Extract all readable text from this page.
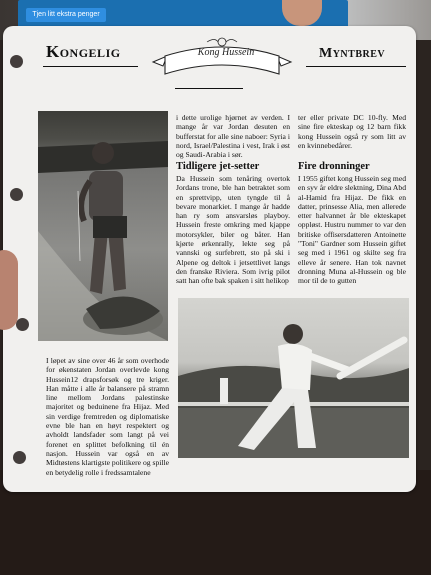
Tjen litt ekstra penger
Kongelig	Myntbrev
Kong Hussein
i dette urolige hjørnet av verden. I mange år var Jordan desuten en bufferstat for alle sine naboer: Syria i nord, Israel/Palestina i vest, Irak i øst og Saudi-Arabia i sør.
Tidligere jet-setter
Da Hussein som tenåring overtok Jordans trone, ble han betraktet som en sprettvipp, uten tyngde til å bevare monarkiet. I mange år hadde han ry som ansvarsløs playboy. Hussein freste omkring med kjappe motorsykler, biler og båter. Han kjørte ørkenrally, lekte seg på vannski og surfebrett, sto på ski i Alpene og deltok i jetsettlivet langs den franske Riviera. Som ivrig pilot satt han ofte bak spaken i sitt helikop
ter eller private DC 10-fly. Med sine fire ekteskap og 12 barn fikk kong Hussein også ry som litt av en kvinnebedårer.
Fire dronninger
I 1955 giftet kong Hussein seg med en syv år eldre slektning, Dina Abd al-Hamid fra Hijaz. De fikk en datter, prinsesse Alia, men allerede etter halvannet år ble ekteskapet oppløst. Hustru nummer to var den britiske offisersdatteren Antoinette "Toni" Gardner som Hussein giftet seg med i 1961 og skilte seg fra elleve år senere. Han tok navnet dronning Muna al-Hussein og ble mor til de to gutten
I løpet av sine over 46 år som overhode for økenstaten Jordan overlevde kong Hussein12 drapsforsøk og tre kriger. Han måtte i alle år balansere på stramn line mellom Jordans palestinske majoritet og beduinene fra Hijaz. Med sin verdige fremtreden og diplomatiske evne ble han en høyt respektert og avholdt landsfader som langt på vei forenet en splittet befolkning til én nasjon. Hussein var også en av Midtøstens klartigste politikere og spille en betydelig rolle i fredssamtalene
